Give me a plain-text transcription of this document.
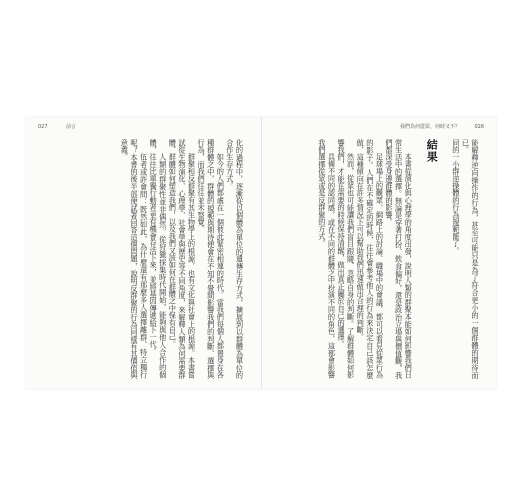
027	前言

化的過程中，逐漸從以個體為單位的遺傳生存方式，擴展到以群體為單位的合作生存方式。

如今的人們都處在一個彼此緊密相連的時代。當我們每個人都置身在各種群體之中，群體的規範與期待便會在不知不覺間影響我們的判斷、選擇與行為，而我們往往並未察覺。

群聚和反群聚有其生物學上的根源，也有文化與社會上的根源。本書嘗試從生物演化、心理學、社會學與歷史等不同角度，來解釋人類為何需要群體、群體如何塑造我們，以及我們又該如何在群體之中保有自己。

人類的群聚性並非偶然。從狩獵採集時代開始，能夠與他人合作的個體，往往比單獨行動者更有機會存活下來，並將基因傳遞給下一代。

伍者或許會問：既然如此，為什麼還有那麼多人選擇離群、特立獨行呢？本書的後半部便試著回答這個問題，說明反群聚的行為同樣有其價值與意義。

我們為何從眾，何時又不？	026

能解釋逆向操作的行為，甚至可能只是為了符合更小的一個群體的期待而已。

同的一小群逆操體的行為規範罷了。

結果

本書從演化與心理學的角度出發，說明人類的群聚本能如何影響我們日常生活中的選擇。無論是穿著打扮、飲食偏好，還是政治立場與價值觀，我們都深受身邊群體的影響。

足球場上的觀眾、網路上的討論、職場中的會議，都可以看見從眾行為的影子。人們在不確定的時候，往往會參考他人的行為來決定自己該怎麼做，這種傾向在許多情況下可以幫助我們迅速做出合理的判斷。

然而，從眾也可能讓我們盲目跟隨、忽略自身的判斷。了解群體如何影響我們，才能在需要的時候保持清醒，做出真正屬於自己的選擇。

具備不同的認同感，或在不同的群體之中扮演不同的角色，這都會影響我們選擇從眾或是反群聚的方式。
